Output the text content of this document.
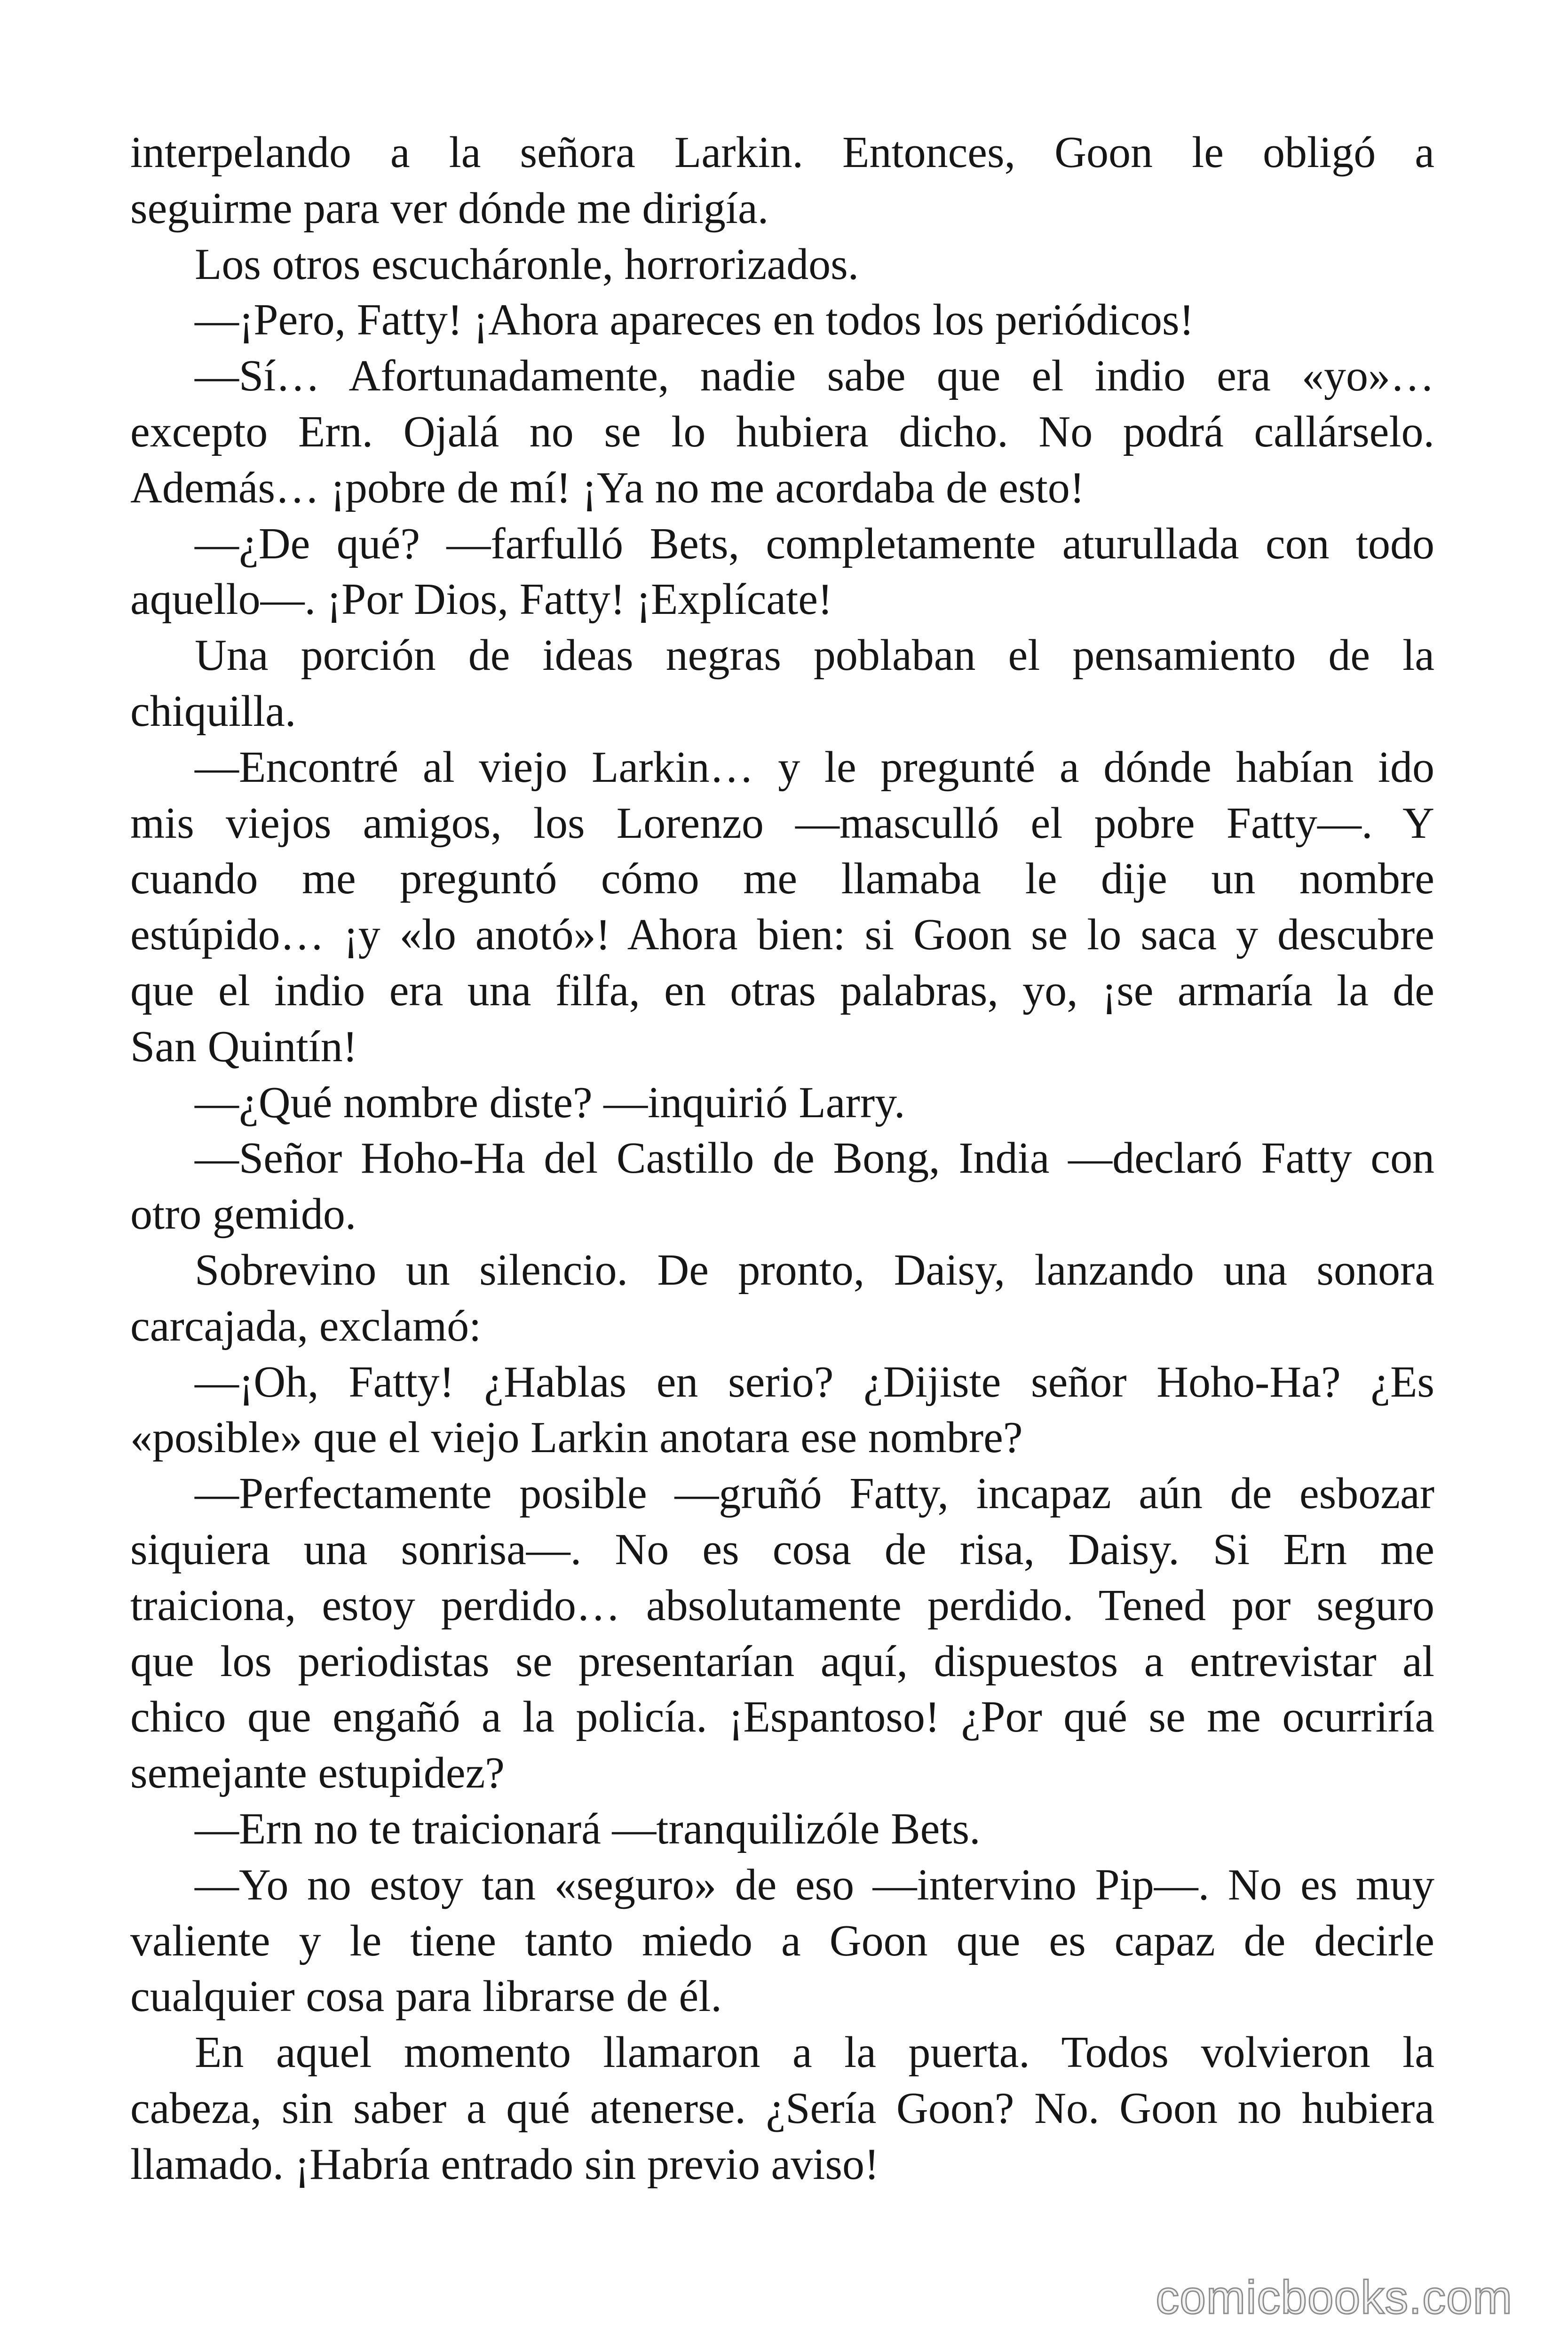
interpelando a la señora Larkin. Entonces, Goon le obligó a
seguirme para ver dónde me dirigía.
Los otros escucháronle, horrorizados.
—¡Pero, Fatty! ¡Ahora apareces en todos los periódicos!
—Sí… Afortunadamente, nadie sabe que el indio era «yo»…
excepto Ern. Ojalá no se lo hubiera dicho. No podrá callárselo.
Además… ¡pobre de mí! ¡Ya no me acordaba de esto!
—¿De qué? —farfulló Bets, completamente aturullada con todo
aquello—. ¡Por Dios, Fatty! ¡Explícate!
Una porción de ideas negras poblaban el pensamiento de la
chiquilla.
—Encontré al viejo Larkin… y le pregunté a dónde habían ido
mis viejos amigos, los Lorenzo —masculló el pobre Fatty—. Y
cuando me preguntó cómo me llamaba le dije un nombre
estúpido… ¡y «lo anotó»! Ahora bien: si Goon se lo saca y descubre
que el indio era una filfa, en otras palabras, yo, ¡se armaría la de
San Quintín!
—¿Qué nombre diste? —inquirió Larry.
—Señor Hoho-Ha del Castillo de Bong, India —declaró Fatty con
otro gemido.
Sobrevino un silencio. De pronto, Daisy, lanzando una sonora
carcajada, exclamó:
—¡Oh, Fatty! ¿Hablas en serio? ¿Dijiste señor Hoho-Ha? ¿Es
«posible» que el viejo Larkin anotara ese nombre?
—Perfectamente posible —gruñó Fatty, incapaz aún de esbozar
siquiera una sonrisa—. No es cosa de risa, Daisy. Si Ern me
traiciona, estoy perdido… absolutamente perdido. Tened por seguro
que los periodistas se presentarían aquí, dispuestos a entrevistar al
chico que engañó a la policía. ¡Espantoso! ¿Por qué se me ocurriría
semejante estupidez?
—Ern no te traicionará —tranquilizóle Bets.
—Yo no estoy tan «seguro» de eso —intervino Pip—. No es muy
valiente y le tiene tanto miedo a Goon que es capaz de decirle
cualquier cosa para librarse de él.
En aquel momento llamaron a la puerta. Todos volvieron la
cabeza, sin saber a qué atenerse. ¿Sería Goon? No. Goon no hubiera
llamado. ¡Habría entrado sin previo aviso!
comicbooks.com
